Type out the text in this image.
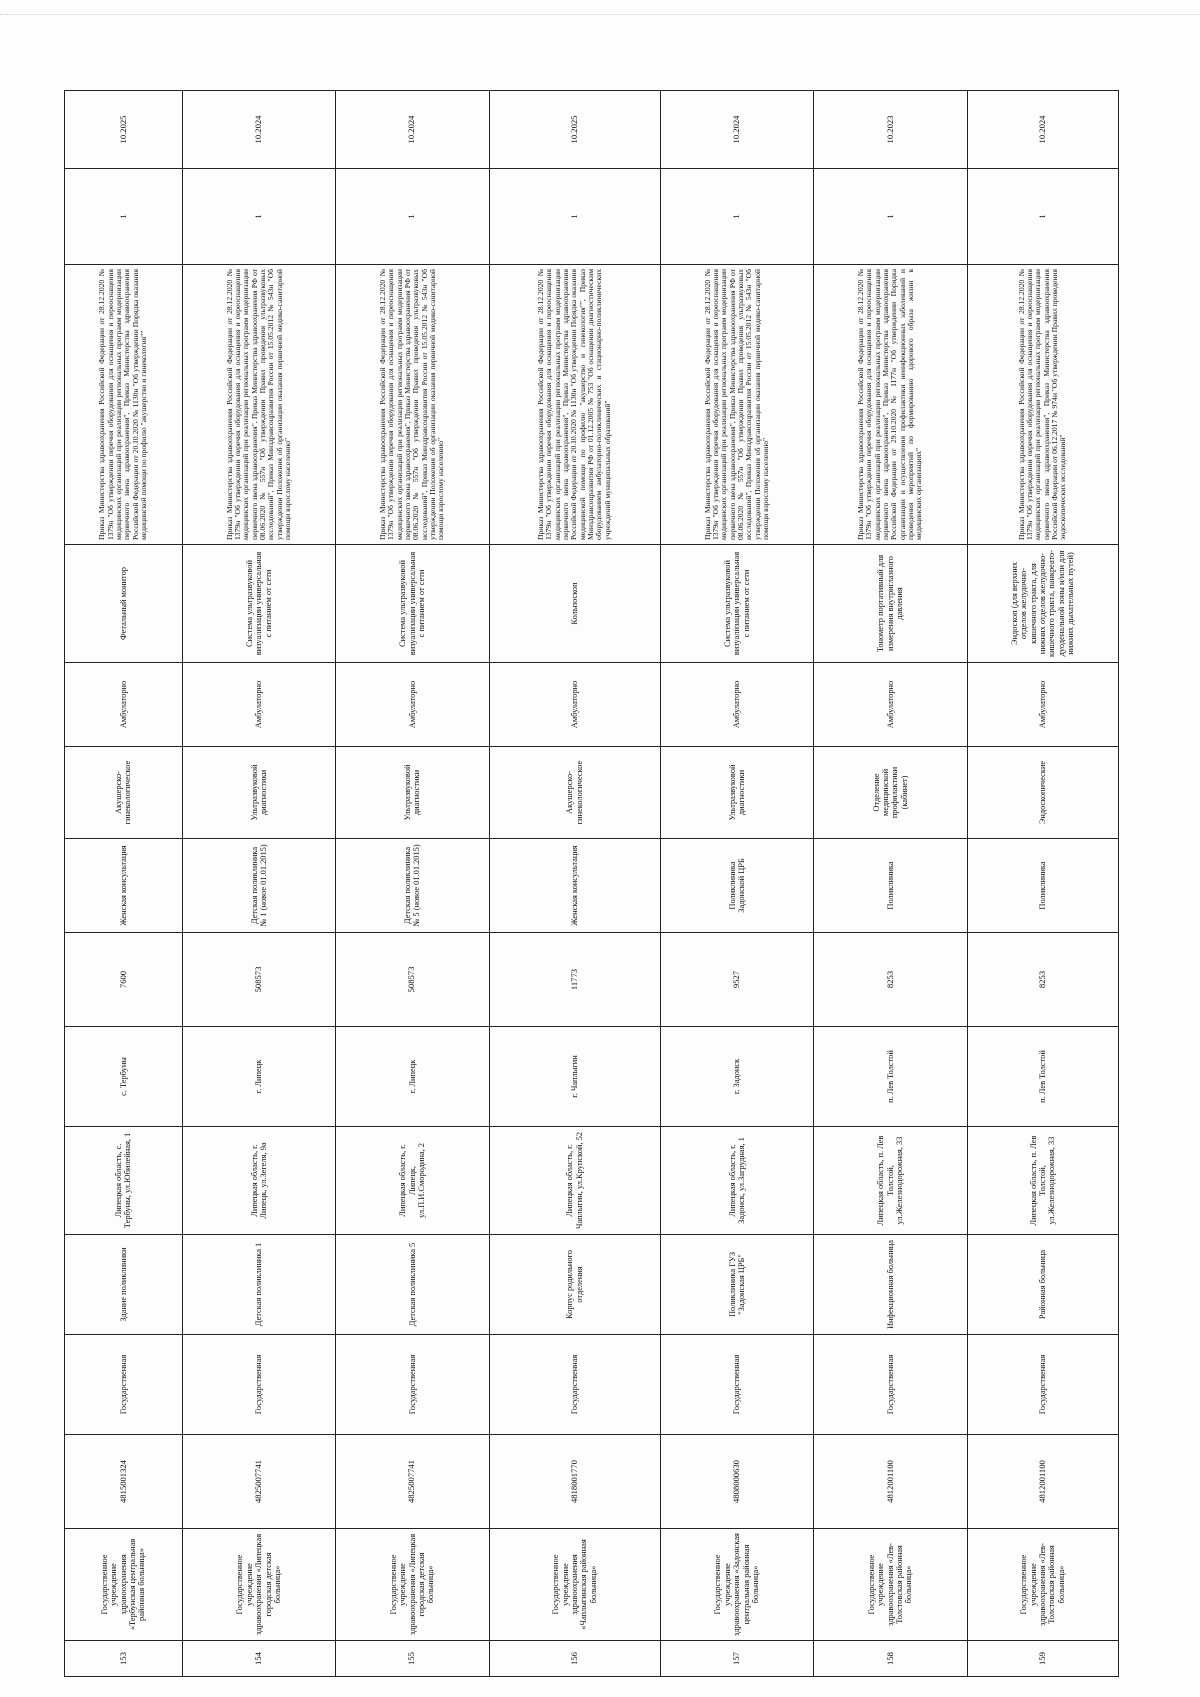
153	Государственное учреждение здравоохранения «Тербунская центральная районная больница»	4815001324	Государственная	Здание поликлиники	Липецкая область, с. Тербуны, ул.Юбилейная, 1	с. Тербуны	7600	Женская консультация	Акушерско-гинекологическое	Амбулаторно	Фетальный монитор	Приказ Министерства здравоохранения Российской Федерации от 28.12.2020 № 1379н "Об утверждении перечня оборудования для оснащения и переоснащения медицинских организаций при реализации региональных программ модернизации первичного звена здравоохранения", Приказ Министерства здравоохранения Российской Федерации от 20.10.2020 № 1130н "Об утверждении Порядка оказания медицинской помощи по профилю "акушерство и гинекология""	1	10.2025
154	Государственное учреждение здравоохранения «Липецкая городская детская больница»	4825007741	Государственная	Детская поликлиника 1	Липецкая область, г. Липецк, ул.Зегеля, 9а	г. Липецк	508573	Детская поликлиника № 1 (новое 01.01.2015)	Ультразвуковой диагностики	Амбулаторно	Система ультразвуковой визуализации универсальная с питанием от сети	Приказ Министерства здравоохранения Российской Федерации от 28.12.2020 № 1379н "Об утверждении перечня оборудования для оснащения и переоснащения медицинских организаций при реализации региональных программ модернизации первичного звена здравоохранения", Приказ Министерства здравоохранения РФ от 08.06.2020 № 557н "Об утверждении Правил проведения ультразвуковых исследований", Приказ Минздравсоцразвития России от 15.05.2012 № 543н "Об утверждении Положения об организации оказания первичной медико-санитарной помощи взрослому населению"	1	10.2024
155	Государственное учреждение здравоохранения «Липецкая городская детская больница»	4825007741	Государственная	Детская поликлиника 5	Липецкая область, г. Липецк, ул.П.И.Смородина, 2	г. Липецк	508573	Детская поликлиника № 5 (новое 01.01.2015)	Ультразвуковой диагностики	Амбулаторно	Система ультразвуковой визуализации универсальная с питанием от сети	Приказ Министерства здравоохранения Российской Федерации от 28.12.2020 № 1379н "Об утверждении перечня оборудования для оснащения и переоснащения медицинских организаций при реализации региональных программ модернизации первичного звена здравоохранения", Приказ Министерства здравоохранения РФ от 08.06.2020 № 557н "Об утверждении Правил проведения ультразвуковых исследований", Приказ Минздравсоцразвития России от 15.05.2012 № 543н "Об утверждении Положения об организации оказания первичной медико-санитарной помощи взрослому населению"	1	10.2024
156	Государственное учреждение здравоохранения «Чаплыгинская районная больница»	4818001770	Государственная	Корпус родильного отделения	Липецкая область, г. Чаплыгин, ул.Крупской, 52	г. Чаплыгин	11773	Женская консультация	Акушерско-гинекологическое	Амбулаторно	Кольпоскоп	Приказ Министерства здравоохранения Российской Федерации от 28.12.2020 № 1379н "Об утверждении перечня оборудования для оснащения и переоснащения медицинских организаций при реализации региональных программ модернизации первичного звена здравоохранения", Приказ Министерства здравоохранения Российской Федерации от 20.10.2020 № 1130н "Об утверждении Порядка оказания медицинской помощи по профилю "акушерство и гинекология"", Приказ Минздравсоцразвития РФ от 01.12.2005 № 753 "Об оснащении диагностическим оборудованием амбулаторно-поликлинических и стационарно-поликлинических учреждений муниципальных образований"	1	10.2025
157	Государственное учреждение здравоохранения «Задонская центральная районная больница»	4808000630	Государственная	Поликлиника ГУЗ "Задонская ЦРБ"	Липецкая область, г. Задонск, ул.Загрудная, 1	г. Задонск	9527	Поликлиника Задонской ЦРБ	Ультразвуковой диагностики	Амбулаторно	Система ультразвуковой визуализации универсальная с питанием от сети	Приказ Министерства здравоохранения Российской Федерации от 28.12.2020 № 1379н "Об утверждении перечня оборудования для оснащения и переоснащения медицинских организаций при реализации региональных программ модернизации первичного звена здравоохранения", Приказ Министерства здравоохранения РФ от 08.06.2020 № 557н "Об утверждении Правил проведения ультразвуковых исследований", Приказ Минздравсоцразвития России от 15.05.2012 № 543н "Об утверждении Положения об организации оказания первичной медико-санитарной помощи взрослому населению"	1	10.2024
158	Государственное учреждение здравоохранения «Лев-Толстовская районная больница»	4812001100	Государственная	Инфекционная больница	Липецкая область, п. Лев Толстой, ул.Железнодорожная, 33	п. Лев Толстой	8253	Поликлиника	Отделение медицинской профилактики (кабинет)	Амбулаторно	Тонометр портативный для измерения внутриглазного давления	Приказ Министерства здравоохранения Российской Федерации от 28.12.2020 № 1379н "Об утверждении перечня оборудования для оснащения и переоснащения медицинских организаций при реализации региональных программ модернизации первичного звена здравоохранения", Приказ Министерства здравоохранения Российской Федерации от 29.10.2020 № 1177н "Об утверждении Порядка организации и осуществления профилактики неинфекционных заболеваний и проведения мероприятий по формированию здорового образа жизни в медицинских организациях"	1	10.2023
159	Государственное учреждение здравоохранения «Лев-Толстовская районная больница»	4812001100	Государственная	Районная больница	Липецкая область, п. Лев Толстой, ул.Железнодорожная, 33	п. Лев Толстой	8253	Поликлиника	Эндоскопические	Амбулаторно	Эндоскоп (для верхних отделов желудочно-кишечного тракта, для нижних отделов желудочно-кишечного тракта, панкреато-дуоденальной зоны и/или для нижних дыхательных путей)	Приказ Министерства здравоохранения Российской Федерации от 28.12.2020 № 1379н "Об утверждении перечня оборудования для оснащения и переоснащения медицинских организаций при реализации региональных программ модернизации первичного звена здравоохранения", Приказ Министерства здравоохранения Российской Федерации от 06.12.2017 № 974н "Об утверждении Правил проведения эндоскопических исследований"	1	10.2024
